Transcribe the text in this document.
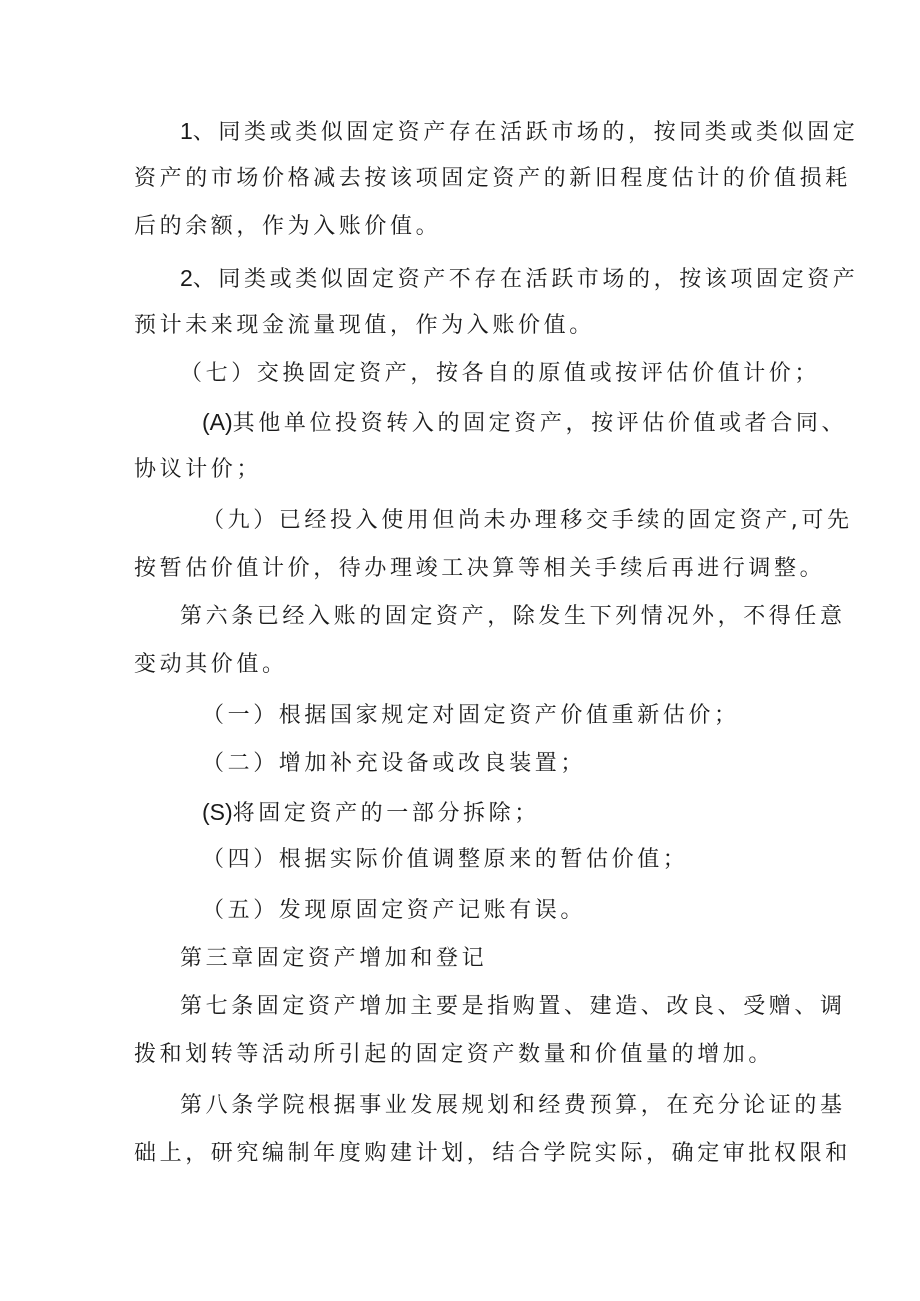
1、同类或类似固定资产存在活跃市场的，按同类或类似固定
资产的市场价格减去按该项固定资产的新旧程度估计的价值损耗
后的余额，作为入账价值。
2、同类或类似固定资产不存在活跃市场的，按该项固定资产
预计未来现金流量现值，作为入账价值。
（七）交换固定资产，按各自的原值或按评估价值计价；
(A)其他单位投资转入的固定资产，按评估价值或者合同、
协议计价；
（九）已经投入使用但尚未办理移交手续的固定资产,可先
按暂估价值计价，待办理竣工决算等相关手续后再进行调整。
第六条已经入账的固定资产，除发生下列情况外，不得任意
变动其价值。
（一）根据国家规定对固定资产价值重新估价；
（二）增加补充设备或改良装置；
(S)将固定资产的一部分拆除；
（四）根据实际价值调整原来的暂估价值；
（五）发现原固定资产记账有误。
第三章固定资产增加和登记
第七条固定资产增加主要是指购置、建造、改良、受赠、调
拨和划转等活动所引起的固定资产数量和价值量的增加。
第八条学院根据事业发展规划和经费预算，在充分论证的基
础上，研究编制年度购建计划，结合学院实际，确定审批权限和
